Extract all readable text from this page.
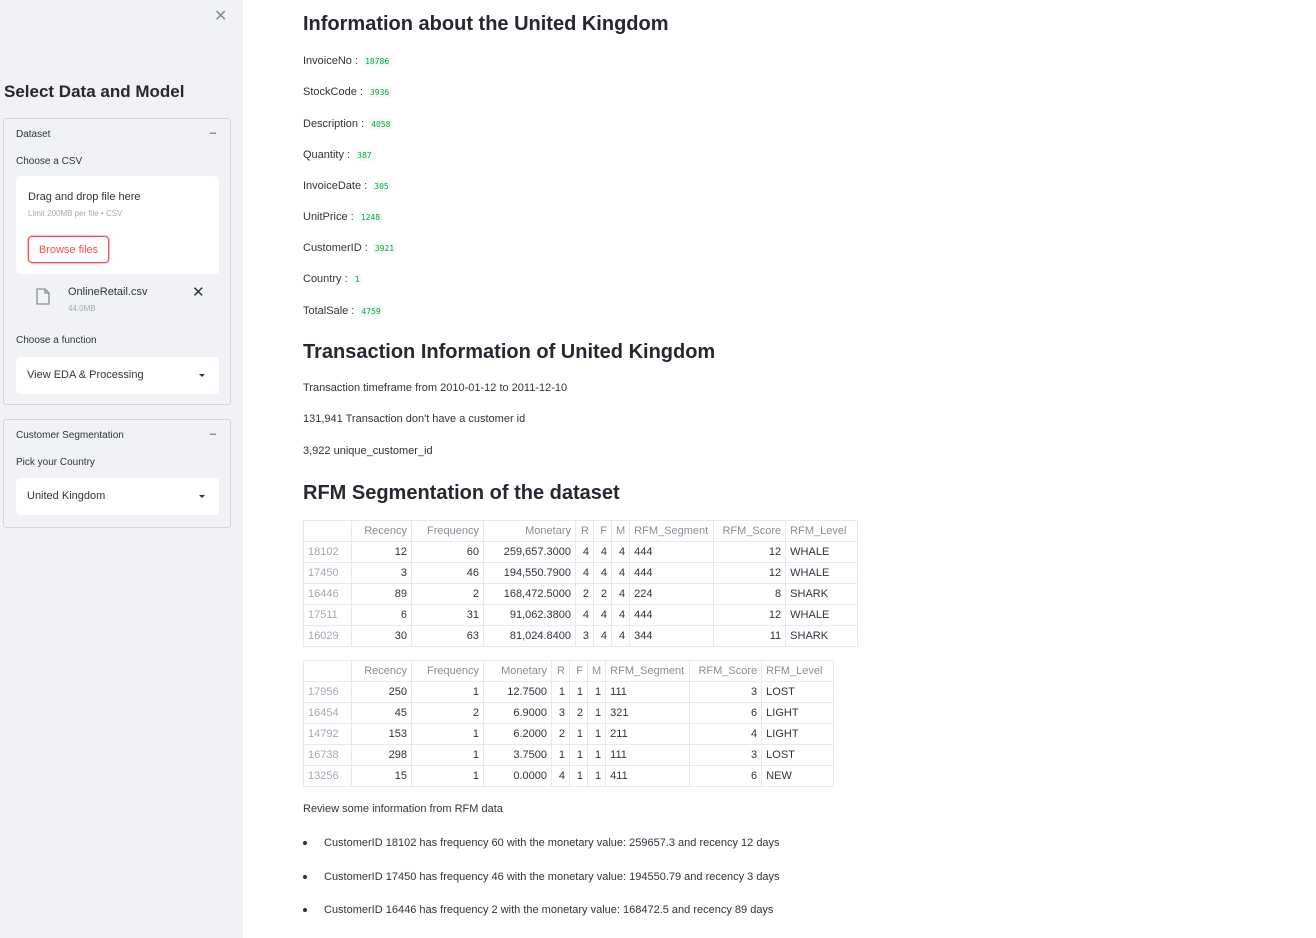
✕
Select Data and Model
Dataset	–
Choose a CSV
Drag and drop file here
Limit 200MB per file • CSV
Browse files
OnlineRetail.csv
44.0MB
✕
Choose a function
View EDA & Processing
Customer Segmentation	–
Pick your Country
United Kingdom
Information about the United Kingdom
InvoiceNo : 18786
StockCode : 3936
Description : 4058
Quantity : 387
InvoiceDate : 305
UnitPrice : 1248
CustomerID : 3921
Country : 1
TotalSale : 4759
Transaction Information of United Kingdom
Transaction timeframe from 2010-01-12 to 2011-12-10
131,941 Transaction don't have a customer id
3,922 unique_customer_id
RFM Segmentation of the dataset
	Recency	Frequency	Monetary	R	F	M	RFM_Segment	RFM_Score	RFM_Level
18102	12	60	259,657.3000	4	4	4	444	12	WHALE
17450	3	46	194,550.7900	4	4	4	444	12	WHALE
16446	89	2	168,472.5000	2	2	4	224	8	SHARK
17511	6	31	91,062.3800	4	4	4	444	12	WHALE
16029	30	63	81,024.8400	3	4	4	344	11	SHARK
	Recency	Frequency	Monetary	R	F	M	RFM_Segment	RFM_Score	RFM_Level
17956	250	1	12.7500	1	1	1	111	3	LOST
16454	45	2	6.9000	3	2	1	321	6	LIGHT
14792	153	1	6.2000	2	1	1	211	4	LIGHT
16738	298	1	3.7500	1	1	1	111	3	LOST
13256	15	1	0.0000	4	1	1	411	6	NEW
Review some information from RFM data
CustomerID 18102 has frequency 60 with the monetary value: 259657.3 and recency 12 days
CustomerID 17450 has frequency 46 with the monetary value: 194550.79 and recency 3 days
CustomerID 16446 has frequency 2 with the monetary value: 168472.5 and recency 89 days
